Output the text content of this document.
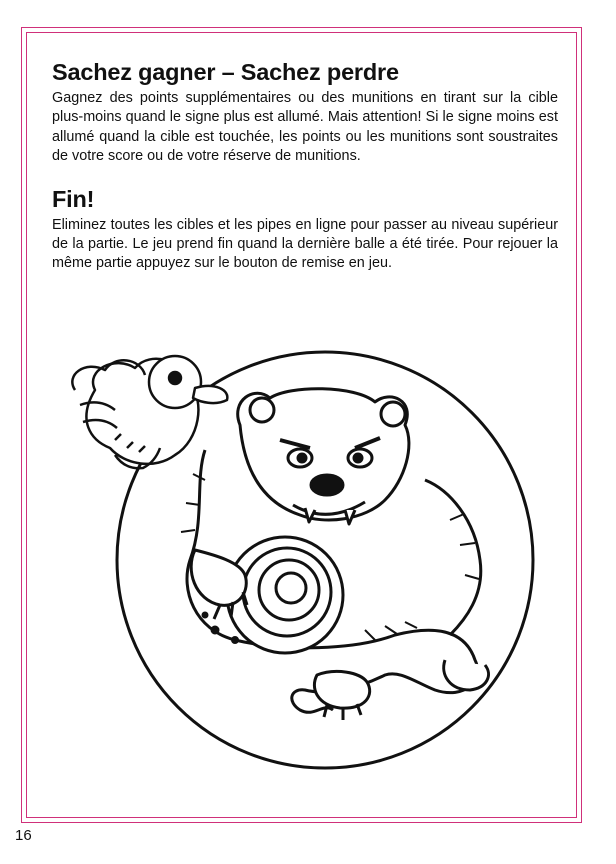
Sachez gagner – Sachez perdre

Gagnez des points supplémentaires ou des munitions en tirant sur la cible plus-moins quand le signe plus est allumé. Mais attention! Si le signe moins est allumé quand la cible est touchée, les points ou les munitions sont soustraites de votre score ou de votre réserve de munitions.

Fin!

Eliminez toutes les cibles et les pipes en ligne pour passer au niveau supérieur de la partie. Le jeu prend fin quand la dernière balle a été tirée. Pour rejouer la même partie appuyez sur le bouton de remise en jeu.

16
